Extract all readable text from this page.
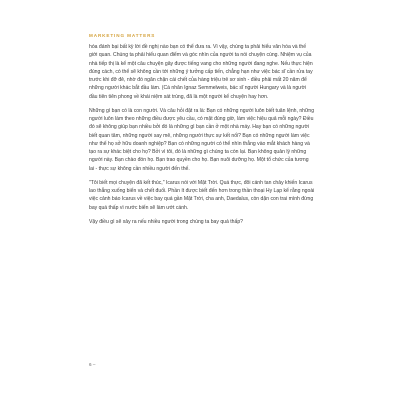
MARKETING MATTERS

hóa đánh bại bất kỳ lời đề nghị nào bạn có thể đưa ra. Vì vậy, chúng ta phải hiểu văn hóa và thế giới quan. Chúng ta phải hiểu quan điểm và góc nhìn của người ta nói chuyện cùng. Nhiệm vụ của nhà tiếp thị là kể một câu chuyện gây được tiếng vang cho những người đang nghe. Nếu thực hiện đúng cách, có thể sẽ không cần tới những ý tưởng cấp tiến, chẳng hạn như việc bác sĩ cần rửa tay trước khi đỡ đẻ, nhờ đó ngăn chặn cái chết của hàng triệu trẻ sơ sinh - điều phải mất 20 năm để những người khác bắt đầu làm. (Cá nhân Ignaz Semmelweis, bác sĩ người Hungary và là người đầu tiên tiên phong về khái niệm sát trùng, đã là một người kể chuyện hay hơn.

Những gì bạn có là con người. Và câu hỏi đặt ra là: Bạn có những người luôn biết tuân lệnh, những người luôn làm theo những điều được yêu cầu, có mặt đúng giờ, làm việc hiệu quả mỗi ngày? Điều đó sẽ không giúp bạn nhiều bởi đó là những gì bạn cần ở một nhà máy. Hay bạn có những người biết quan tâm, những người say mê, những người thực sự kết nối? Bạn có những người làm việc như thể họ sở hữu doanh nghiệp? Bạn có những người có thể nhìn thẳng vào mắt khách hàng và tạo ra sự khác biệt cho họ? Bởi vì tôi, đó là những gì chúng ta còn lại. Bạn không quản lý những người này. Bạn chào đón họ. Bạn trao quyền cho họ. Bạn nuôi dưỡng họ. Một tổ chức của tương lai - thực sự không cần nhiều người đến thế.

"Tôi biết mọi chuyện đã kết thúc," Icarus nói với Mặt Trời. Quá thực, đôi cánh tan chảy khiến Icarus lao thẳng xuống biển và chết đuối. Phần ít được biết đến hơn trong thần thoại Hy Lạp kể rằng ngoài việc cảnh báo Icarus về việc bay quá gần Mặt Trời, cha anh, Daedalus, còn dặn con trai mình đừng bay quá thấp vì nước biển sẽ làm ướt cánh.

Vậy điều gì sẽ xảy ra nếu nhiều người trong chúng ta bay quá thấp?

6 –
